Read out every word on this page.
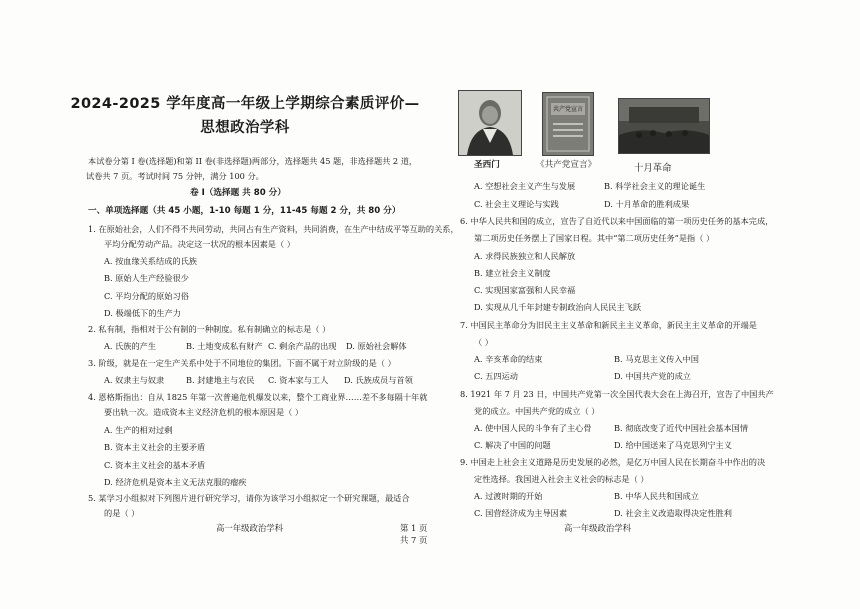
2024-2025 学年度高一年级上学期综合素质评价—
思想政治学科
本试卷分第 I 卷(选择题)和第 II 卷(非选择题)两部分，选择题共 45 题，非选择题共 2 道，
试卷共 7 页。考试时间 75 分钟，满分 100 分。
卷 I（选择题 共 80 分）
一、单项选择题（共 45 小题，1-10 每题 1 分，11-45 每题 2 分，共 80 分）
1. 在原始社会，人们不得不共同劳动，共同占有生产资料，共同消费，在生产中结成平等互助的关系，
平均分配劳动产品。决定这一状况的根本因素是（ ）
A. 按血缘关系结成的氏族
B. 原始人生产经验很少
C. 平均分配的原始习俗
D. 极端低下的生产力
2. 私有制，指相对于公有制的一种制度。私有制确立的标志是（ ）
A. 氏族的产生	B. 土地变成私有财产 C. 剩余产品的出现 D. 原始社会解体
3. 阶级，就是在一定生产关系中处于不同地位的集团。下面不属于对立阶级的是（ ）
A. 奴隶主与奴隶	B. 封建地主与农民 C. 资本家与工人 D. 氏族成员与首领
4. 恩格斯指出：自从 1825 年第一次普遍危机爆发以来，整个工商业界……差不多每隔十年就
要出轨一次。造成资本主义经济危机的根本原因是（ ）
A. 生产的相对过剩
B. 资本主义社会的主要矛盾
C. 资本主义社会的基本矛盾
D. 经济危机是资本主义无法克服的瘤疾
5. 某学习小组拟对下列图片进行研究学习，请你为该学习小组拟定一个研究课题，最适合
的是（ ）
高一年级政治学科	第 1 页 共 7 页
圣西门
共产党宣言
《共产党宣言》	十月革命
A. 空想社会主义产生与发展	B. 科学社会主义的理论诞生
C. 社会主义理论与实践	D. 十月革命的胜利成果
6. 中华人民共和国的成立，宣告了自近代以来中国面临的第一项历史任务的基本完成，
第二项历史任务摆上了国家日程。其中“第二项历史任务”是指（ ）
A. 求得民族独立和人民解放
B. 建立社会主义制度
C. 实现国家富强和人民幸福
D. 实现从几千年封建专制政治向人民民主飞跃
7. 中国民主革命分为旧民主主义革命和新民主主义革命，新民主主义革命的开端是
（ ）
A. 辛亥革命的结束	B. 马克思主义传入中国
C. 五四运动	D. 中国共产党的成立
8. 1921 年 7 月 23 日，中国共产党第一次全国代表大会在上海召开，宣告了中国共产
党的成立。中国共产党的成立（ ）
A. 使中国人民的斗争有了主心骨	B. 彻底改变了近代中国社会基本国情
C. 解决了中国的问题	D. 给中国送来了马克思列宁主义
9. 中国走上社会主义道路是历史发展的必然，是亿万中国人民在长期奋斗中作出的决
定性选择。我国进入社会主义社会的标志是（ ）
A. 过渡时期的开始	B. 中华人民共和国成立
C. 国营经济成为主导因素	D. 社会主义改造取得决定性胜利
高一年级政治学科
